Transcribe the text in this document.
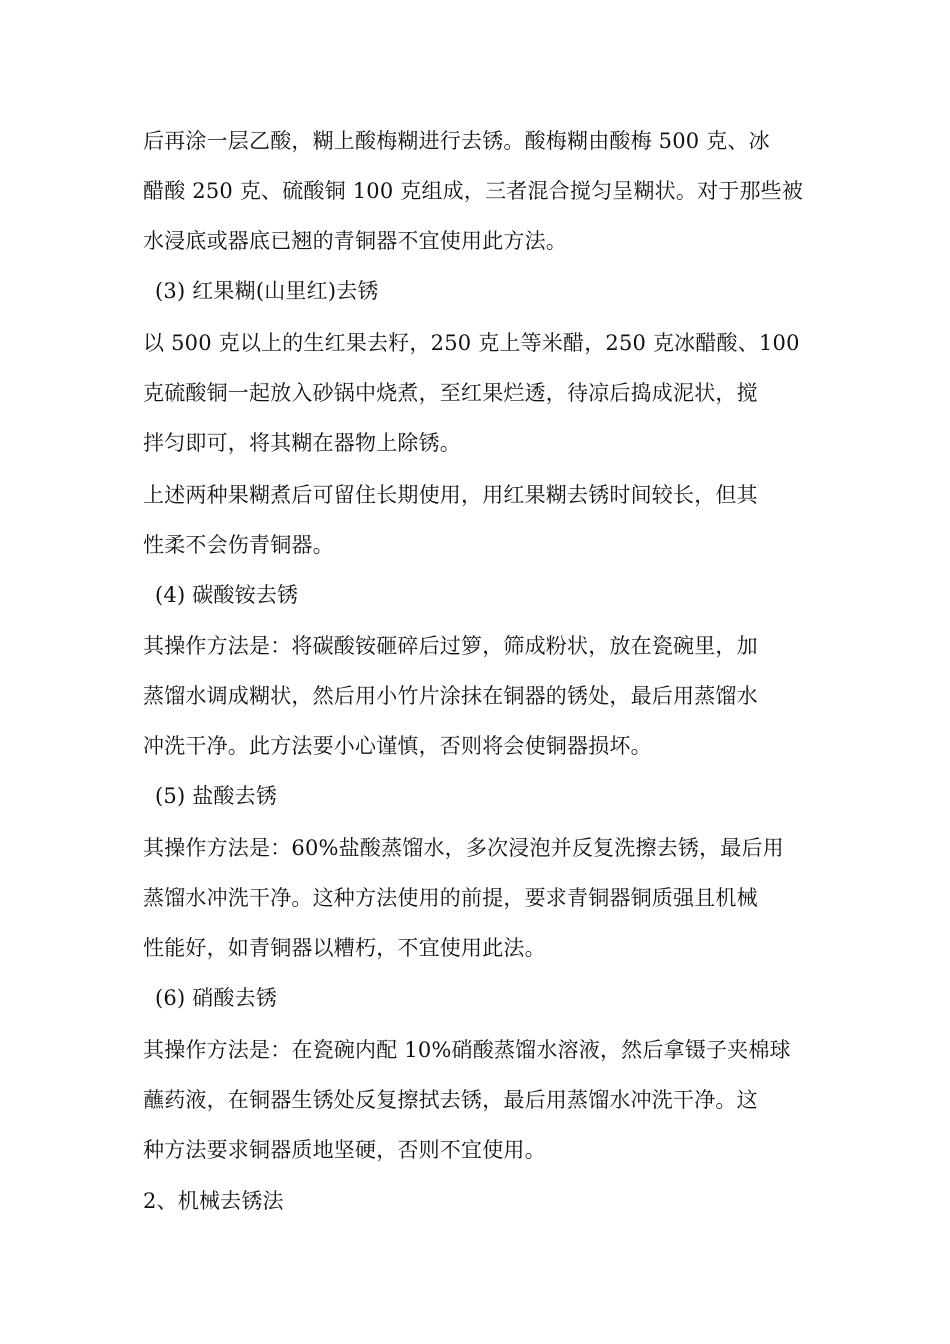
后再涂一层乙酸，糊上酸梅糊进行去锈。酸梅糊由酸梅 500 克、冰
醋酸 250 克、硫酸铜 100 克组成，三者混合搅匀呈糊状。对于那些被
水浸底或器底已翘的青铜器不宜使用此方法。
(3) 红果糊(山里红)去锈
以 500 克以上的生红果去籽，250 克上等米醋，250 克冰醋酸、100
克硫酸铜一起放入砂锅中烧煮，至红果烂透，待凉后捣成泥状，搅
拌匀即可，将其糊在器物上除锈。
上述两种果糊煮后可留住长期使用，用红果糊去锈时间较长，但其
性柔不会伤青铜器。
(4) 碳酸铵去锈
其操作方法是：将碳酸铵砸碎后过箩，筛成粉状，放在瓷碗里，加
蒸馏水调成糊状，然后用小竹片涂抹在铜器的锈处，最后用蒸馏水
冲洗干净。此方法要小心谨慎，否则将会使铜器损坏。
(5) 盐酸去锈
其操作方法是：60%盐酸蒸馏水，多次浸泡并反复洗擦去锈，最后用
蒸馏水冲洗干净。这种方法使用的前提，要求青铜器铜质强且机械
性能好，如青铜器以糟朽，不宜使用此法。
(6) 硝酸去锈
其操作方法是：在瓷碗内配 10%硝酸蒸馏水溶液，然后拿镊子夹棉球
蘸药液，在铜器生锈处反复擦拭去锈，最后用蒸馏水冲洗干净。这
种方法要求铜器质地坚硬，否则不宜使用。
2、机械去锈法
